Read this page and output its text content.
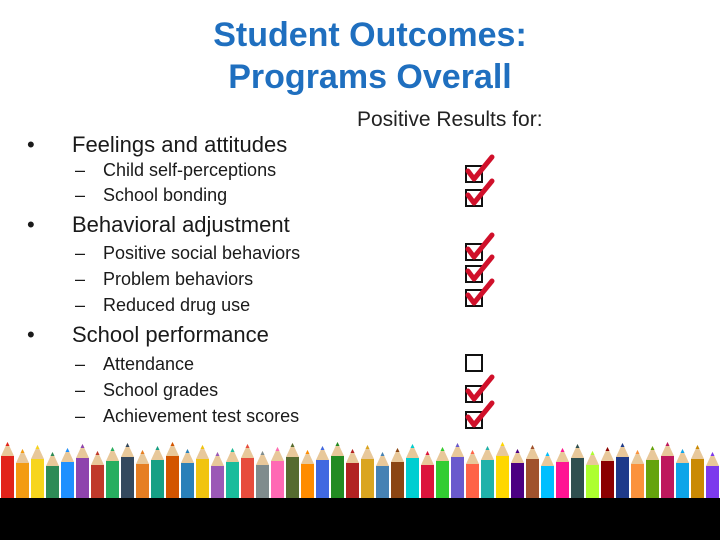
Student Outcomes:
Programs Overall
Positive Results for:
• Feelings and attitudes
– Child self-perceptions
– School bonding
• Behavioral adjustment
– Positive social behaviors
– Problem behaviors
– Reduced drug use
• School performance
– Attendance
– School grades
– Achievement test scores
